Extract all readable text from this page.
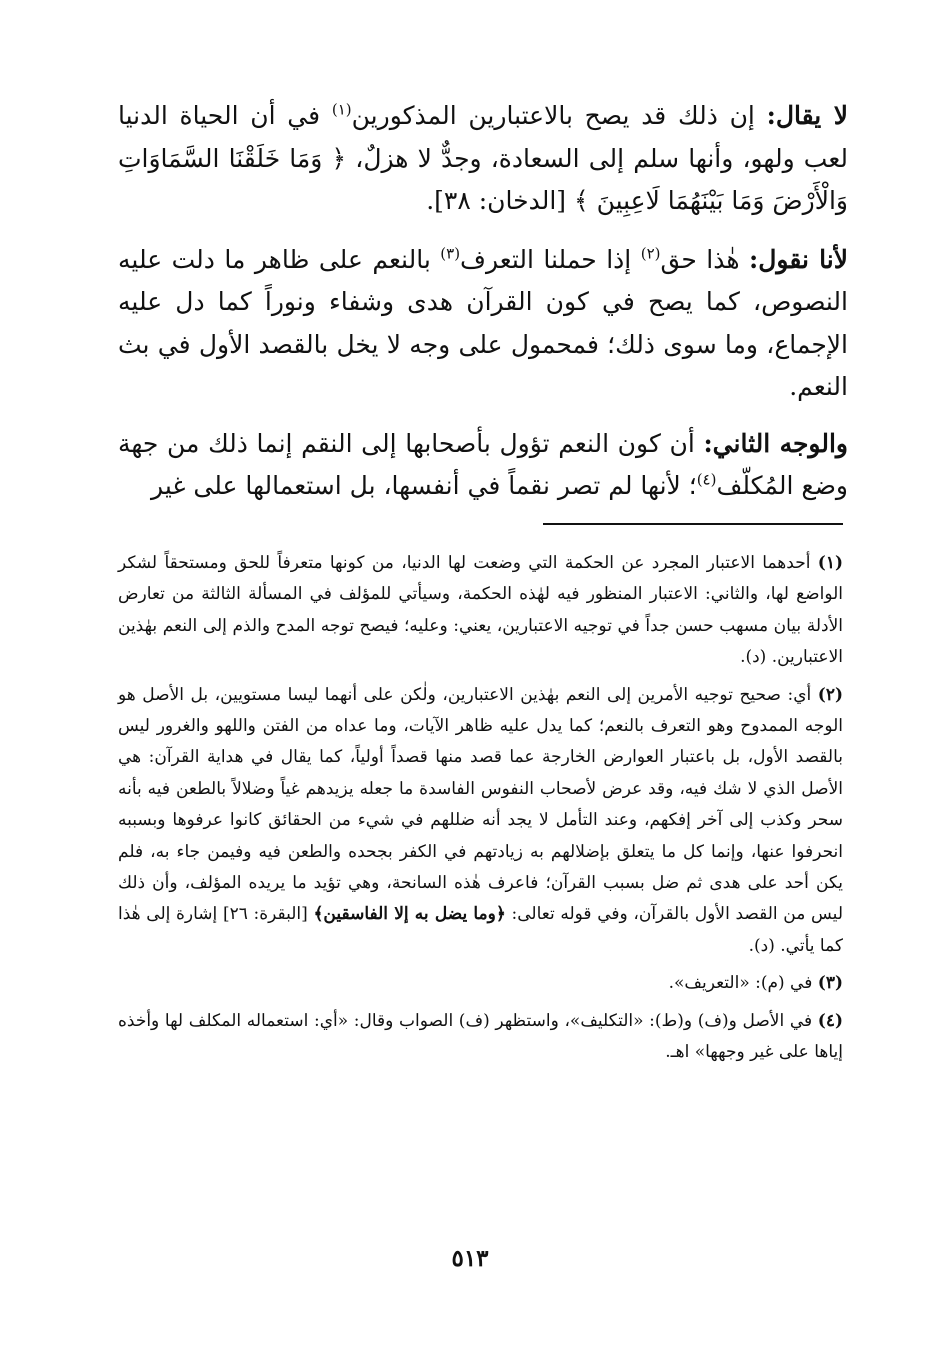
لا يقال: إن ذلك قد يصح بالاعتبارين المذكورين$^{(١)}$ في أن الحياة الدنيا لعب ولهو، وأنها سلم إلى السعادة، وجدٌّ لا هزلٌ، ﴿ وَمَا خَلَقْنَا السَّمَاوَاتِ وَالْأَرْضَ وَمَا بَيْنَهُمَا لَاعِبِينَ ﴾ [الدخان: ٣٨].

لأنا نقول: هٰذا حق$^{(٢)}$ إذا حملنا التعرف$^{(٣)}$ بالنعم على ظاهر ما دلت عليه النصوص، كما يصح في كون القرآن هدى وشفاء ونوراً كما دل عليه الإجماع، وما سوى ذلك؛ فمحمول على وجه لا يخل بالقصد الأول في بث النعم.

والوجه الثاني: أن كون النعم تؤول بأصحابها إلى النقم إنما ذلك من جهة وضع المُكلّف$^{(٤)}$؛ لأنها لم تصر نقماً في أنفسها، بل استعمالها على غير

(١) أحدهما الاعتبار المجرد عن الحكمة التي وضعت لها الدنيا، من كونها متعرفاً للحق ومستحقاً لشكر الواضع لها، والثاني: الاعتبار المنظور فيه لهٰذه الحكمة، وسيأتي للمؤلف في المسألة الثالثة من تعارض الأدلة بيان مسهب حسن جداً في توجيه الاعتبارين، يعني: وعليه؛ فيصح توجه المدح والذم إلى النعم بهٰذين الاعتبارين. (د).

(٢) أي: صحيح توجيه الأمرين إلى النعم بهٰذين الاعتبارين، ولٰكن على أنهما ليسا مستويين، بل الأصل هو الوجه الممدوح وهو التعرف بالنعم؛ كما يدل عليه ظاهر الآيات، وما عداه من الفتن واللهو والغرور ليس بالقصد الأول، بل باعتبار العوارض الخارجة عما قصد منها قصداً أولياً، كما يقال في هداية القرآن: هي الأصل الذي لا شك فيه، وقد عرض لأصحاب النفوس الفاسدة ما جعله يزيدهم غياً وضلالاً بالطعن فيه بأنه سحر وكذب إلى آخر إفكهم، وعند التأمل لا يجد أنه ضللهم في شيء من الحقائق كانوا عرفوها وبسببه انحرفوا عنها، وإنما كل ما يتعلق بإضلالهم به زيادتهم في الكفر بجحده والطعن فيه وفيمن جاء به، فلم يكن أحد على هدى ثم ضل بسبب القرآن؛ فاعرف هٰذه السانحة، وهي تؤيد ما يريده المؤلف، وأن ذلك ليس من القصد الأول بالقرآن، وفي قوله تعالى: ﴿وما يضل به إلا الفاسقين﴾ [البقرة: ٢٦] إشارة إلى هٰذا كما يأتي. (د).

(٣) في (م): «التعريف».

(٤) في الأصل و(ف) و(ط): «التكليف»، واستظهر (ف) الصواب وقال: «أي: استعماله المكلف لها وأخذه إياها على غير وجهها» اهـ.

٥١٣
